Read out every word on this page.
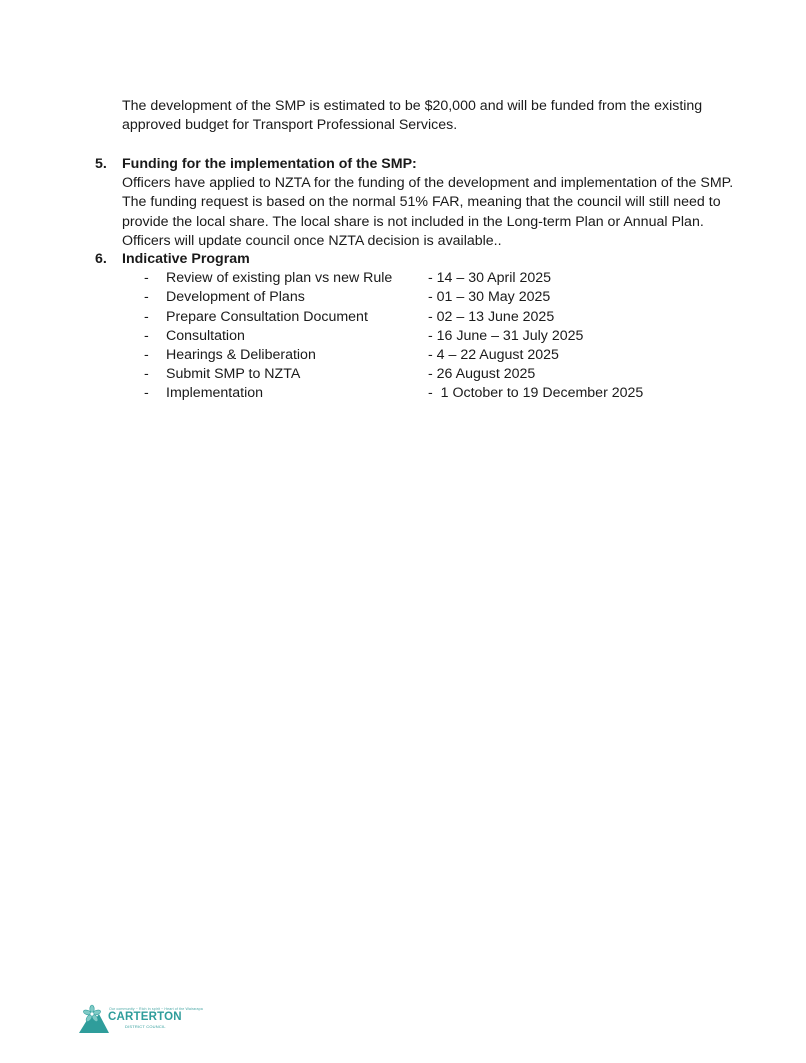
The development of the SMP is estimated to be $20,000 and will be funded from the existing approved budget for Transport Professional Services.

5.	Funding for the implementation of the SMP:

Officers have applied to NZTA for the funding of the development and implementation of the SMP. The funding request is based on the normal 51% FAR, meaning that the council will still need to provide the local share. The local share is not included in the Long-term Plan or Annual Plan. Officers will update council once NZTA decision is available..

6.	Indicative Program
-	Review of existing plan vs new Rule	- 14 – 30 April 2025
-	Development of Plans	- 01 – 30 May 2025
-	Prepare Consultation Document	- 02 – 13 June 2025
-	Consultation	- 16 June – 31 July 2025
-	Hearings & Deliberation	- 4 – 22 August 2025
-	Submit SMP to NZTA	- 26 August 2025
-	Implementation	-  1 October to 19 December 2025
Our community ~ Rich in spirit ~ Heart of the Wairarapa
CARTERTON
DISTRICT COUNCIL
